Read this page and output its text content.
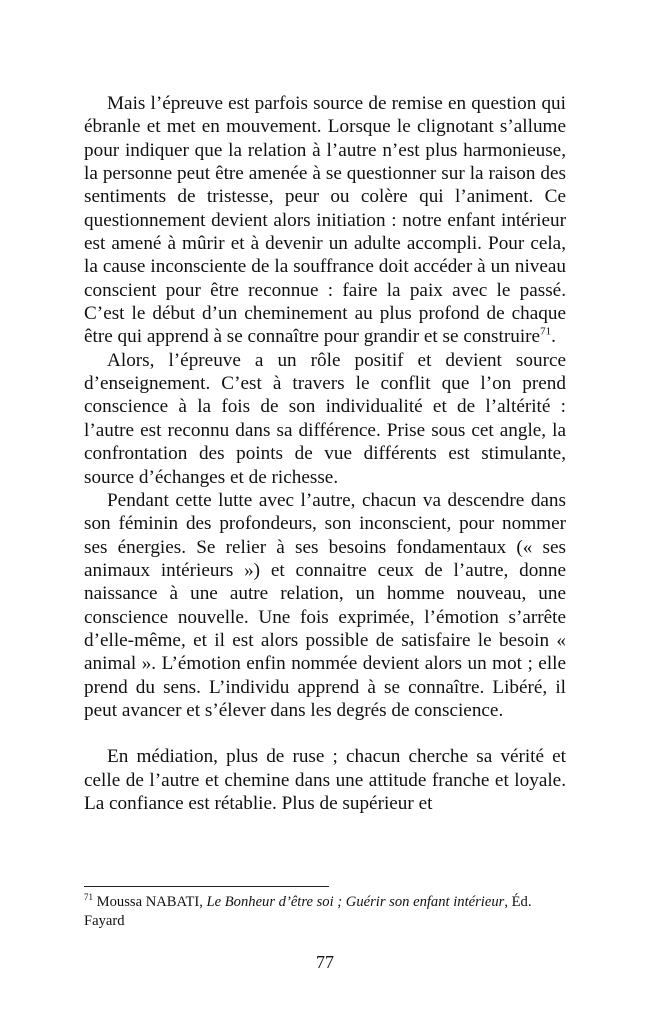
Mais l’épreuve est parfois source de remise en question qui ébranle et met en mouvement. Lorsque le clignotant s’allume pour indiquer que la relation à l’autre n’est plus harmonieuse, la personne peut être amenée à se questionner sur la raison des sentiments de tristesse, peur ou colère qui l’animent. Ce questionnement devient alors initiation : notre enfant intérieur est amené à mûrir et à devenir un adulte accompli. Pour cela, la cause inconsciente de la souffrance doit accéder à un niveau conscient pour être reconnue : faire la paix avec le passé. C’est le début d’un cheminement au plus profond de chaque être qui apprend à se connaître pour grandir et se construire$^{71}$.

Alors, l’épreuve a un rôle positif et devient source d’enseignement. C’est à travers le conflit que l’on prend conscience à la fois de son individualité et de l’altérité : l’autre est reconnu dans sa différence. Prise sous cet angle, la confrontation des points de vue différents est stimulante, source d’échanges et de richesse.

Pendant cette lutte avec l’autre, chacun va descendre dans son féminin des profondeurs, son inconscient, pour nommer ses énergies. Se relier à ses besoins fondamentaux (« ses animaux intérieurs ») et connaitre ceux de l’autre, donne naissance à une autre relation, un homme nouveau, une conscience nouvelle. Une fois exprimée, l’émotion s’arrête d’elle-même, et il est alors possible de satisfaire le besoin « animal ». L’émotion enfin nommée devient alors un mot ; elle prend du sens. L’individu apprend à se connaître. Libéré, il peut avancer et s’élever dans les degrés de conscience.

En médiation, plus de ruse ; chacun cherche sa vérité et celle de l’autre et chemine dans une attitude franche et loyale. La confiance est rétablie. Plus de supérieur et

$^{71}$ Moussa NABATI, Le Bonheur d’être soi ; Guérir son enfant intérieur, Éd. Fayard
77
